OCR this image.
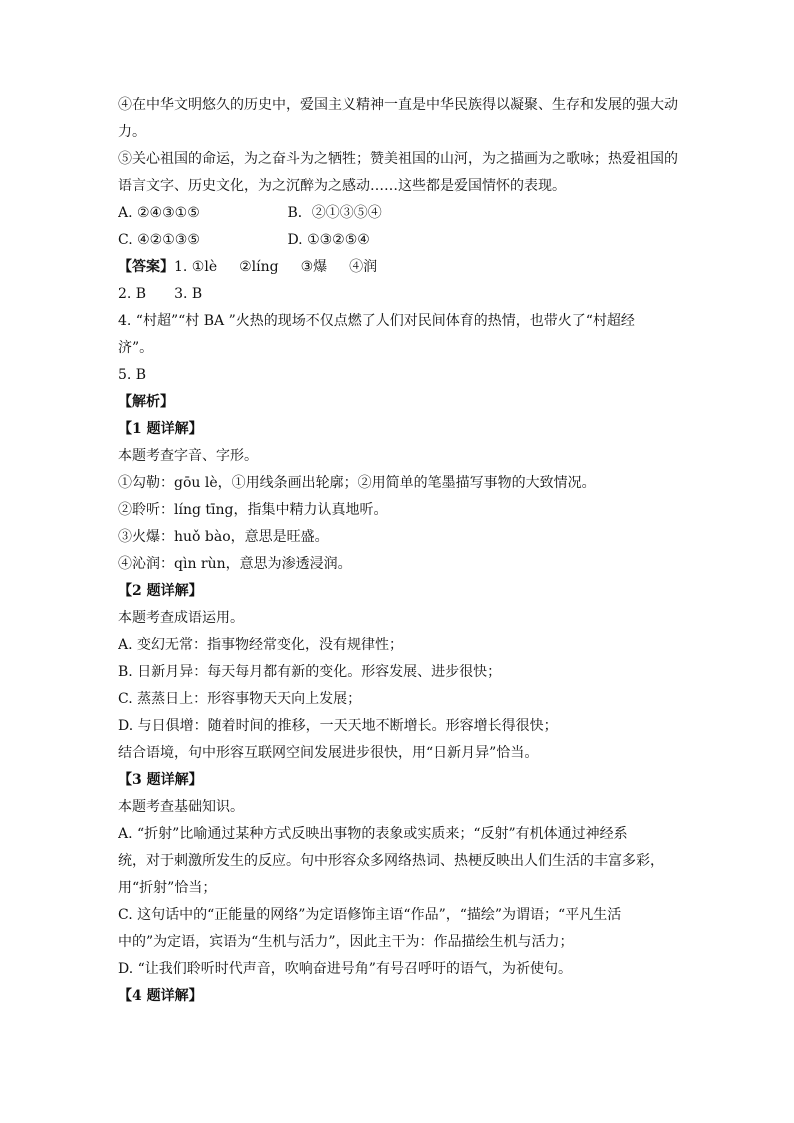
④在中华文明悠久的历史中，爱国主义精神一直是中华民族得以凝聚、生存和发展的强大动
力。
⑤关心祖国的命运，为之奋斗为之牺牲；赞美祖国的山河，为之描画为之歌咏；热爱祖国的
语言文字、历史文化，为之沉醉为之感动……这些都是爱国情怀的表现。
A. ②④③①⑤	B．②①③⑤④
C. ④②①③⑤	D. ①③②⑤④
【答案】1. ①lè ②líng ③爆 ④润
2. B　　3. B
4. “村超”“村 BA ”火热的现场不仅点燃了人们对民间体育的热情，也带火了“村超经
济”。
5. B
【解析】
【1 题详解】
本题考查字音、字形。
①勾勒：gōu lè，①用线条画出轮廓；②用简单的笔墨描写事物的大致情况。
②聆听：líng tīng，指集中精力认真地听。
③火爆：huǒ bào，意思是旺盛。
④沁润：qìn rùn，意思为渗透浸润。
【2 题详解】
本题考查成语运用。
A. 变幻无常：指事物经常变化，没有规律性；
B. 日新月异：每天每月都有新的变化。形容发展、进步很快；
C. 蒸蒸日上：形容事物天天向上发展；
D. 与日俱增：随着时间的推移，一天天地不断增长。形容增长得很快；
结合语境，句中形容互联网空间发展进步很快，用“日新月异”恰当。
【3 题详解】
本题考查基础知识。
A. “折射”比喻通过某种方式反映出事物的表象或实质来；“反射”有机体通过神经系
统，对于刺激所发生的反应。句中形容众多网络热词、热梗反映出人们生活的丰富多彩，
用“折射”恰当；
C. 这句话中的“正能量的网络”为定语修饰主语“作品”，“描绘”为谓语；“平凡生活
中的”为定语，宾语为“生机与活力”，因此主干为：作品描绘生机与活力；
D. “让我们聆听时代声音，吹响奋进号角”有号召呼吁的语气，为祈使句。
【4 题详解】
